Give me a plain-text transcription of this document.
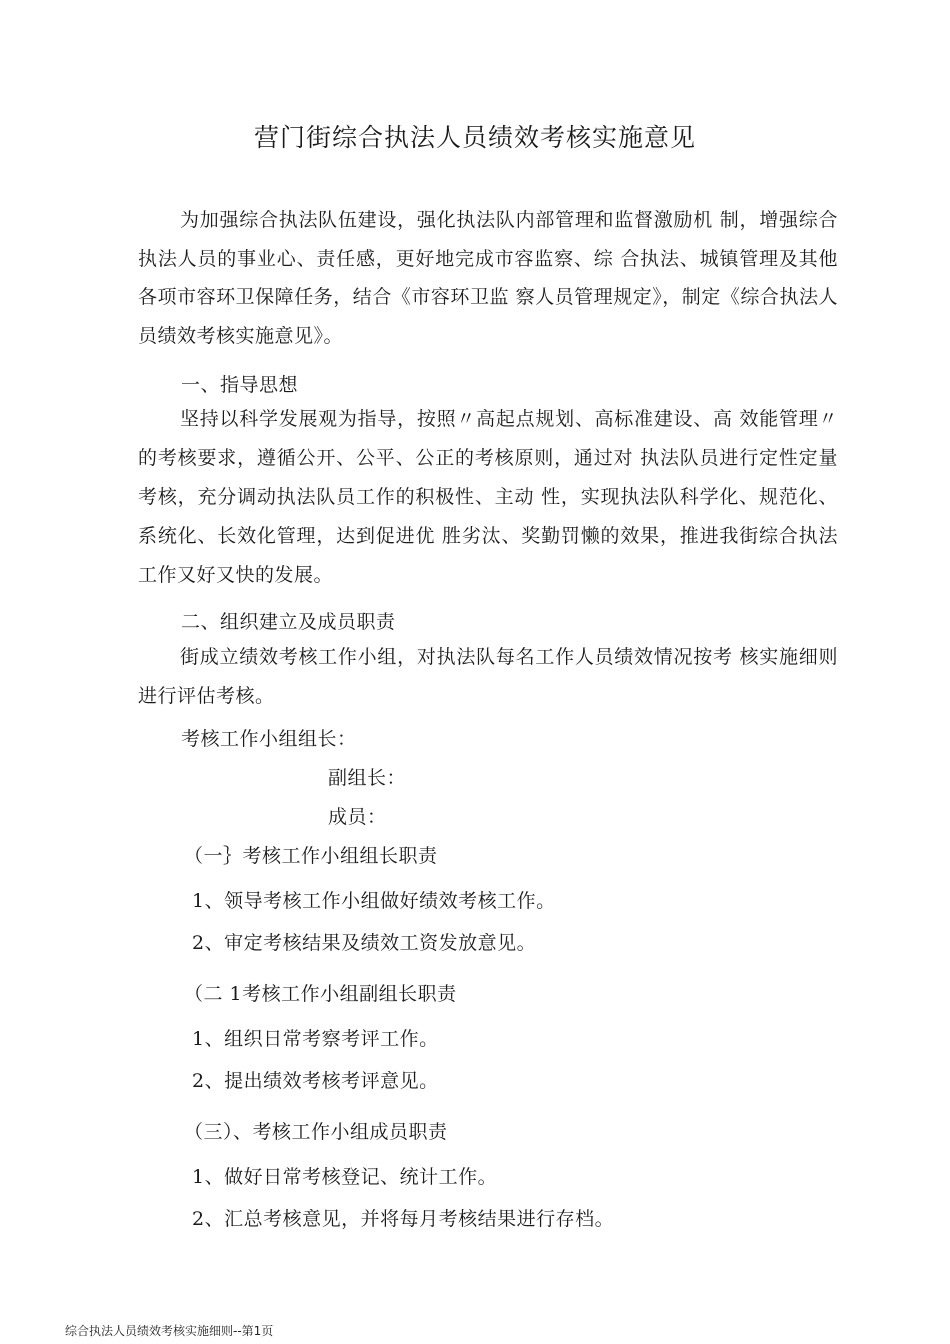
营门街综合执法人员绩效考核实施意见
为加强综合执法队伍建设，强化执法队内部管理和监督激励机 制，增强综合执法人员的事业心、责任感，更好地完成市容监察、综 合执法、城镇管理及其他各项市容环卫保障任务，结合《市容环卫监 察人员管理规定》，制定《综合执法人员绩效考核实施意见》。
一、指导思想
坚持以科学发展观为指导，按照〃高起点规划、高标准建设、高 效能管理〃的考核要求，遵循公开、公平、公正的考核原则，通过对 执法队员进行定性定量考核，充分调动执法队员工作的积极性、主动 性，实现执法队科学化、规范化、系统化、长效化管理，达到促进优 胜劣汰、奖勤罚懒的效果，推进我街综合执法工作又好又快的发展。
二、组织建立及成员职责
街成立绩效考核工作小组，对执法队每名工作人员绩效情况按考 核实施细则进行评估考核。
考核工作小组组长：
副组长：
成员：
（一｝考核工作小组组长职责
1、领导考核工作小组做好绩效考核工作。
2、审定考核结果及绩效工资发放意见。
（二 1考核工作小组副组长职责
1、组织日常考察考评工作。
2、提出绩效考核考评意见。
（三）、考核工作小组成员职责
1、做好日常考核登记、统计工作。
2、汇总考核意见，并将每月考核结果进行存档。
综合执法人员绩效考核实施细则--第1页
